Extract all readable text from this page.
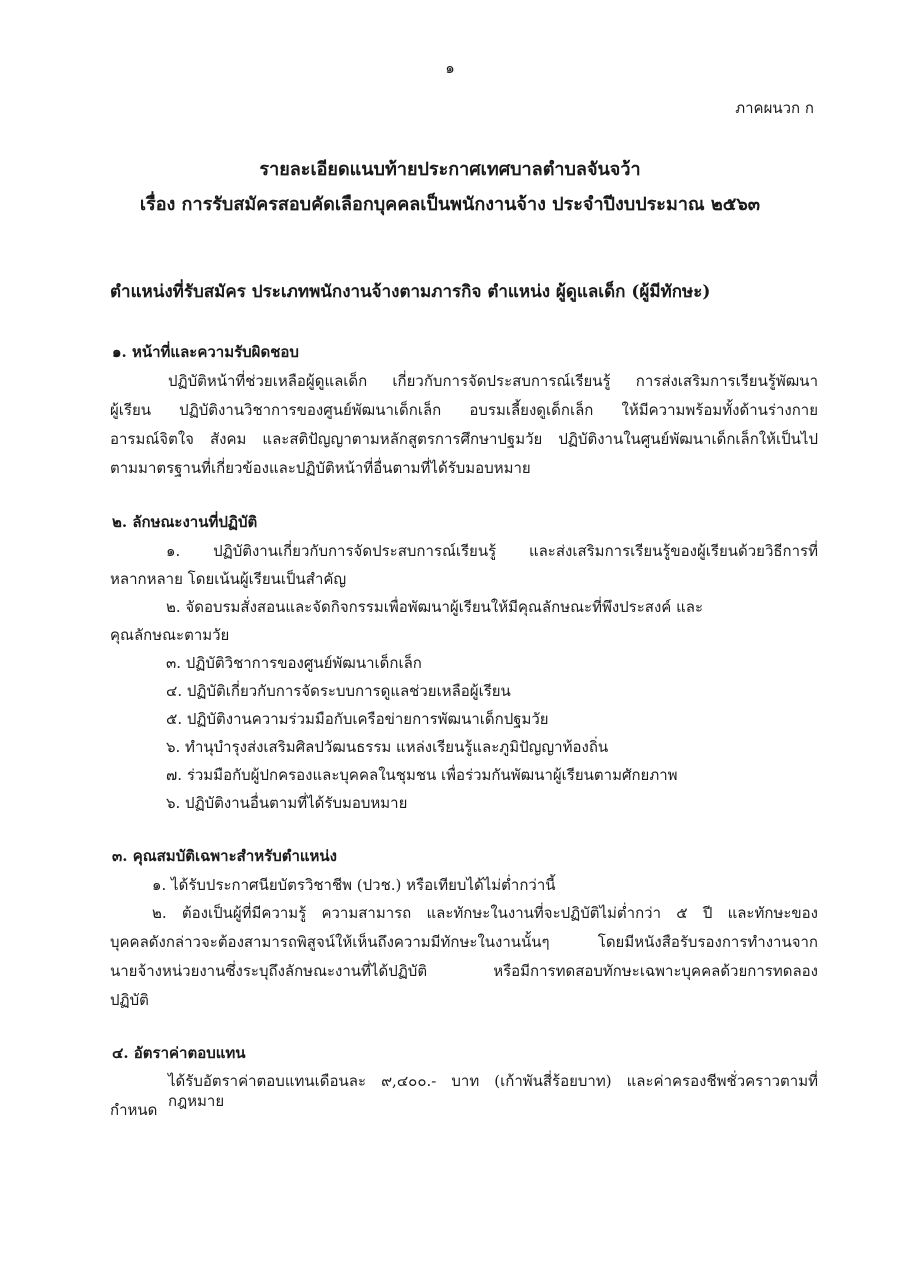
๑
ภาคผนวก ก
รายละเอียดแนบท้ายประกาศเทศบาลตำบลจันจว้า
เรื่อง การรับสมัครสอบคัดเลือกบุคคลเป็นพนักงานจ้าง ประจำปีงบประมาณ ๒๕๖๓
ตำแหน่งที่รับสมัคร ประเภทพนักงานจ้างตามภารกิจ ตำแหน่ง ผู้ดูแลเด็ก (ผู้มีทักษะ)
๑. หน้าที่และความรับผิดชอบ
ปฏิบัติหน้าที่ช่วยเหลือผู้ดูแลเด็ก เกี่ยวกับการจัดประสบการณ์เรียนรู้ การส่งเสริมการเรียนรู้พัฒนา
ผู้เรียน ปฏิบัติงานวิชาการของศูนย์พัฒนาเด็กเล็ก อบรมเลี้ยงดูเด็กเล็ก ให้มีความพร้อมทั้งด้านร่างกาย
อารมณ์จิตใจ สังคม และสติปัญญาตามหลักสูตรการศึกษาปฐมวัย ปฏิบัติงานในศูนย์พัฒนาเด็กเล็กให้เป็นไป
ตามมาตรฐานที่เกี่ยวข้องและปฏิบัติหน้าที่อื่นตามที่ได้รับมอบหมาย
๒. ลักษณะงานที่ปฏิบัติ
๑. ปฏิบัติงานเกี่ยวกับการจัดประสบการณ์เรียนรู้ และส่งเสริมการเรียนรู้ของผู้เรียนด้วยวิธีการที่
หลากหลาย โดยเน้นผู้เรียนเป็นสำคัญ
๒. จัดอบรมสั่งสอนและจัดกิจกรรมเพื่อพัฒนาผู้เรียนให้มีคุณลักษณะที่พึงประสงค์ และ
คุณลักษณะตามวัย
๓. ปฏิบัติวิชาการของศูนย์พัฒนาเด็กเล็ก
๔. ปฏิบัติเกี่ยวกับการจัดระบบการดูแลช่วยเหลือผู้เรียน
๕. ปฏิบัติงานความร่วมมือกับเครือข่ายการพัฒนาเด็กปฐมวัย
๖. ทำนุบำรุงส่งเสริมศิลปวัฒนธรรม แหล่งเรียนรู้และภูมิปัญญาท้องถิ่น
๗. ร่วมมือกับผู้ปกครองและบุคคลในชุมชน เพื่อร่วมกันพัฒนาผู้เรียนตามศักยภาพ
๖. ปฏิบัติงานอื่นตามที่ได้รับมอบหมาย
๓. คุณสมบัติเฉพาะสำหรับตำแหน่ง
๑. ได้รับประกาศนียบัตรวิชาชีพ (ปวช.) หรือเทียบได้ไม่ต่ำกว่านี้
๒. ต้องเป็นผู้ที่มีความรู้ ความสามารถ และทักษะในงานที่จะปฏิบัติไม่ต่ำกว่า ๕ ปี และทักษะของ
บุคคลดังกล่าวจะต้องสามารถพิสูจน์ให้เห็นถึงความมีทักษะในงานนั้นๆ โดยมีหนังสือรับรองการทำงานจาก
นายจ้างหน่วยงานซึ่งระบุถึงลักษณะงานที่ได้ปฏิบัติ หรือมีการทดสอบทักษะเฉพาะบุคคลด้วยการทดลอง
ปฏิบัติ
๔. อัตราค่าตอบแทน
ได้รับอัตราค่าตอบแทนเดือนละ ๙,๔๐๐.- บาท (เก้าพันสี่ร้อยบาท) และค่าครองชีพชั่วคราวตามที่กฎหมาย
กำหนด
